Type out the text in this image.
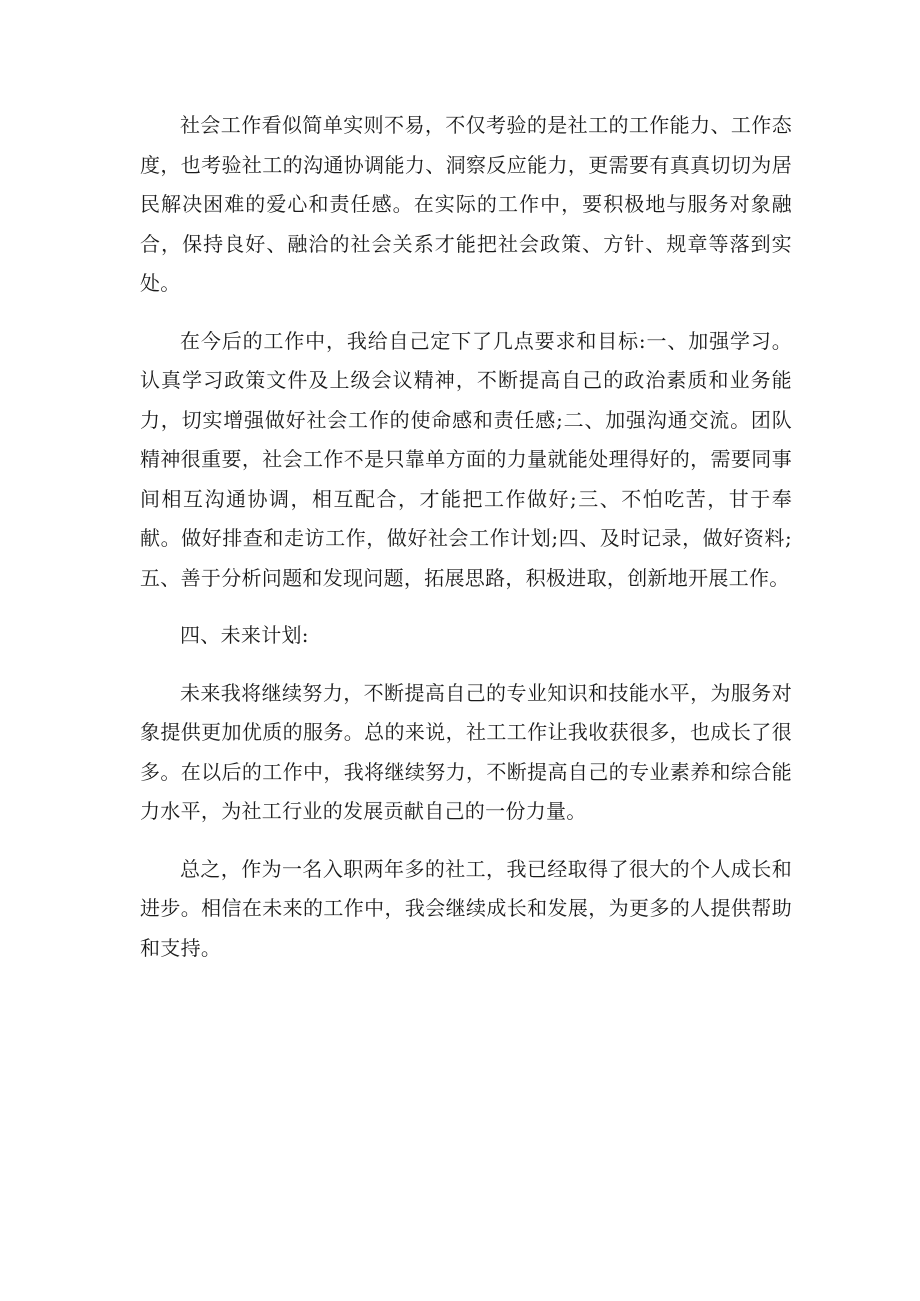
社会工作看似简单实则不易，不仅考验的是社工的工作能力、工作态度，也考验社工的沟通协调能力、洞察反应能力，更需要有真真切切为居民解决困难的爱心和责任感。在实际的工作中，要积极地与服务对象融合，保持良好、融洽的社会关系才能把社会政策、方针、规章等落到实处。

在今后的工作中，我给自己定下了几点要求和目标:一、加强学习。认真学习政策文件及上级会议精神，不断提高自己的政治素质和业务能力，切实增强做好社会工作的使命感和责任感;二、加强沟通交流。团队精神很重要，社会工作不是只靠单方面的力量就能处理得好的，需要同事间相互沟通协调，相互配合，才能把工作做好;三、不怕吃苦，甘于奉献。做好排查和走访工作，做好社会工作计划;四、及时记录，做好资料;五、善于分析问题和发现问题，拓展思路，积极进取，创新地开展工作。

四、未来计划:

未来我将继续努力，不断提高自己的专业知识和技能水平，为服务对象提供更加优质的服务。总的来说，社工工作让我收获很多，也成长了很多。在以后的工作中，我将继续努力，不断提高自己的专业素养和综合能力水平，为社工行业的发展贡献自己的一份力量。

总之，作为一名入职两年多的社工，我已经取得了很大的个人成长和进步。相信在未来的工作中，我会继续成长和发展，为更多的人提供帮助和支持。
